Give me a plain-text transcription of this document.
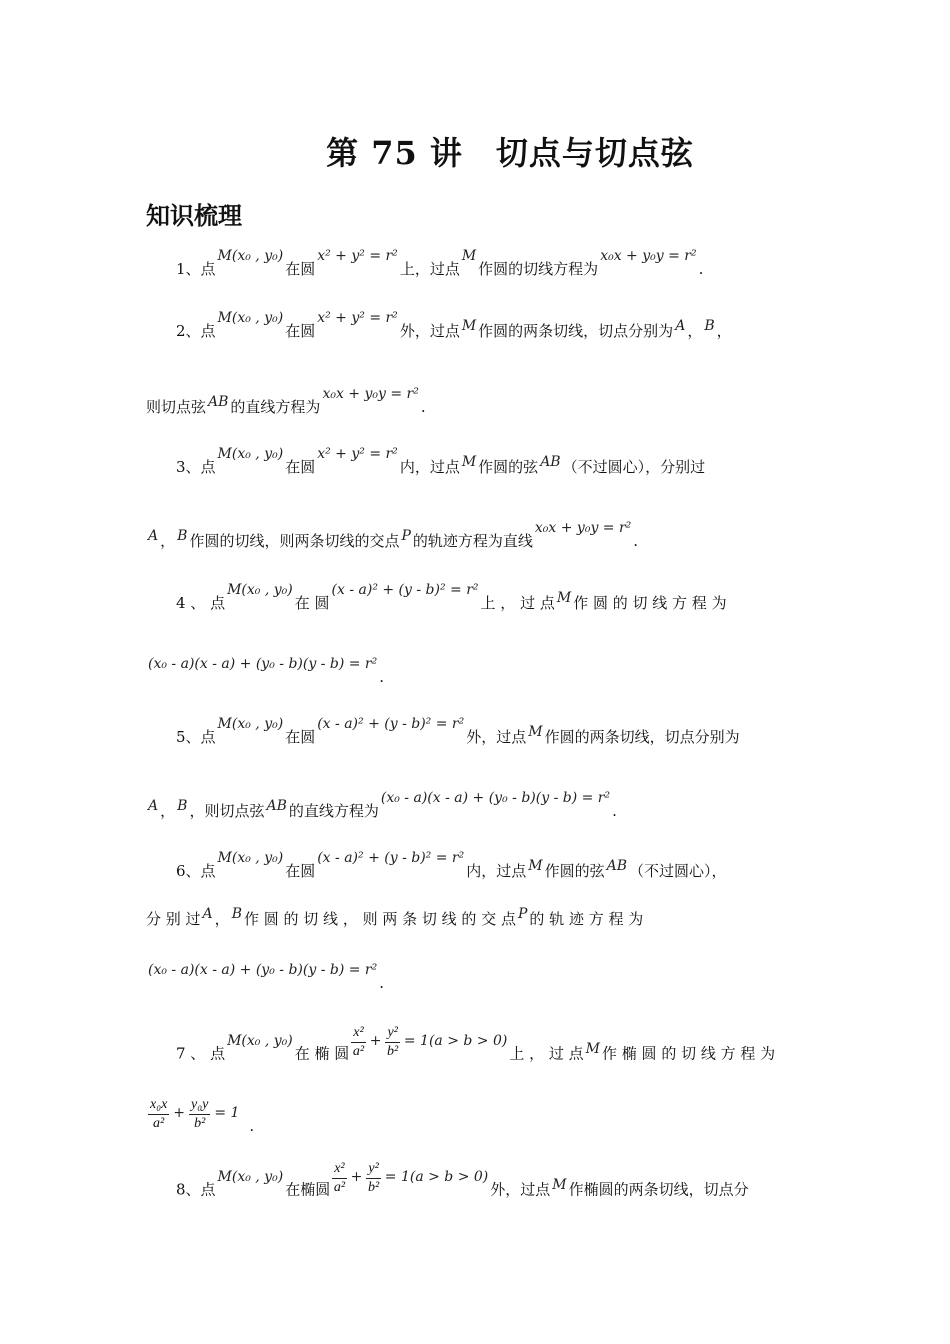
第 75 讲　切点与切点弦
知识梳理
1、点M(x₀ , y₀)在圆x² + y² = r²上，过点M作圆的切线方程为x₀x + y₀y = r².
2、点M(x₀ , y₀)在圆x² + y² = r²外，过点 M 作圆的两条切线，切点分别为 A ， B ，
则切点弦 AB 的直线方程为x₀x + y₀y = r².
3、点M(x₀ , y₀)在圆x² + y² = r²内，过点 M 作圆的弦 AB （不过圆心），分别过
A ， B 作圆的切线，则两条切线的交点 P 的轨迹方程为直线x₀x + y₀y = r².
4 、 点M(x₀ , y₀)在 圆(x - a)² + (y - b)² = r²上 ， 过 点 M 作 圆 的 切 线 方 程 为
(x₀ - a)(x - a) + (y₀ - b)(y - b) = r².
5、点M(x₀ , y₀)在圆(x - a)² + (y - b)² = r²外，过点 M 作圆的两条切线，切点分别为
A ， B ，则切点弦 AB 的直线方程为(x₀ - a)(x - a) + (y₀ - b)(y - b) = r².
6、点M(x₀ , y₀)在圆(x - a)² + (y - b)² = r²内，过点 M 作圆的弦 AB （不过圆心），
分 别 过 A ， B 作 圆 的 切 线 ， 则 两 条 切 线 的 交 点 P 的 轨 迹 方 程 为
(x₀ - a)(x - a) + (y₀ - b)(y - b) = r².
7 、 点M(x₀ , y₀)在 椭 圆 $\frac{\text{x²}}{\text{a²}} + \frac{\text{y²}}{\text{b²}} = 1(a > b > 0)$上 ， 过 点 M 作 椭 圆 的 切 线 方 程 为
$\frac{\text{x₀x}}{\text{a²}} + \frac{\text{y₀y}}{\text{b²}} = 1$.
8、点M(x₀ , y₀)在椭圆 $\frac{\text{x²}}{\text{a²}} + \frac{\text{y²}}{\text{b²}} = 1(a > b > 0)$外，过点 M 作椭圆的两条切线，切点分
